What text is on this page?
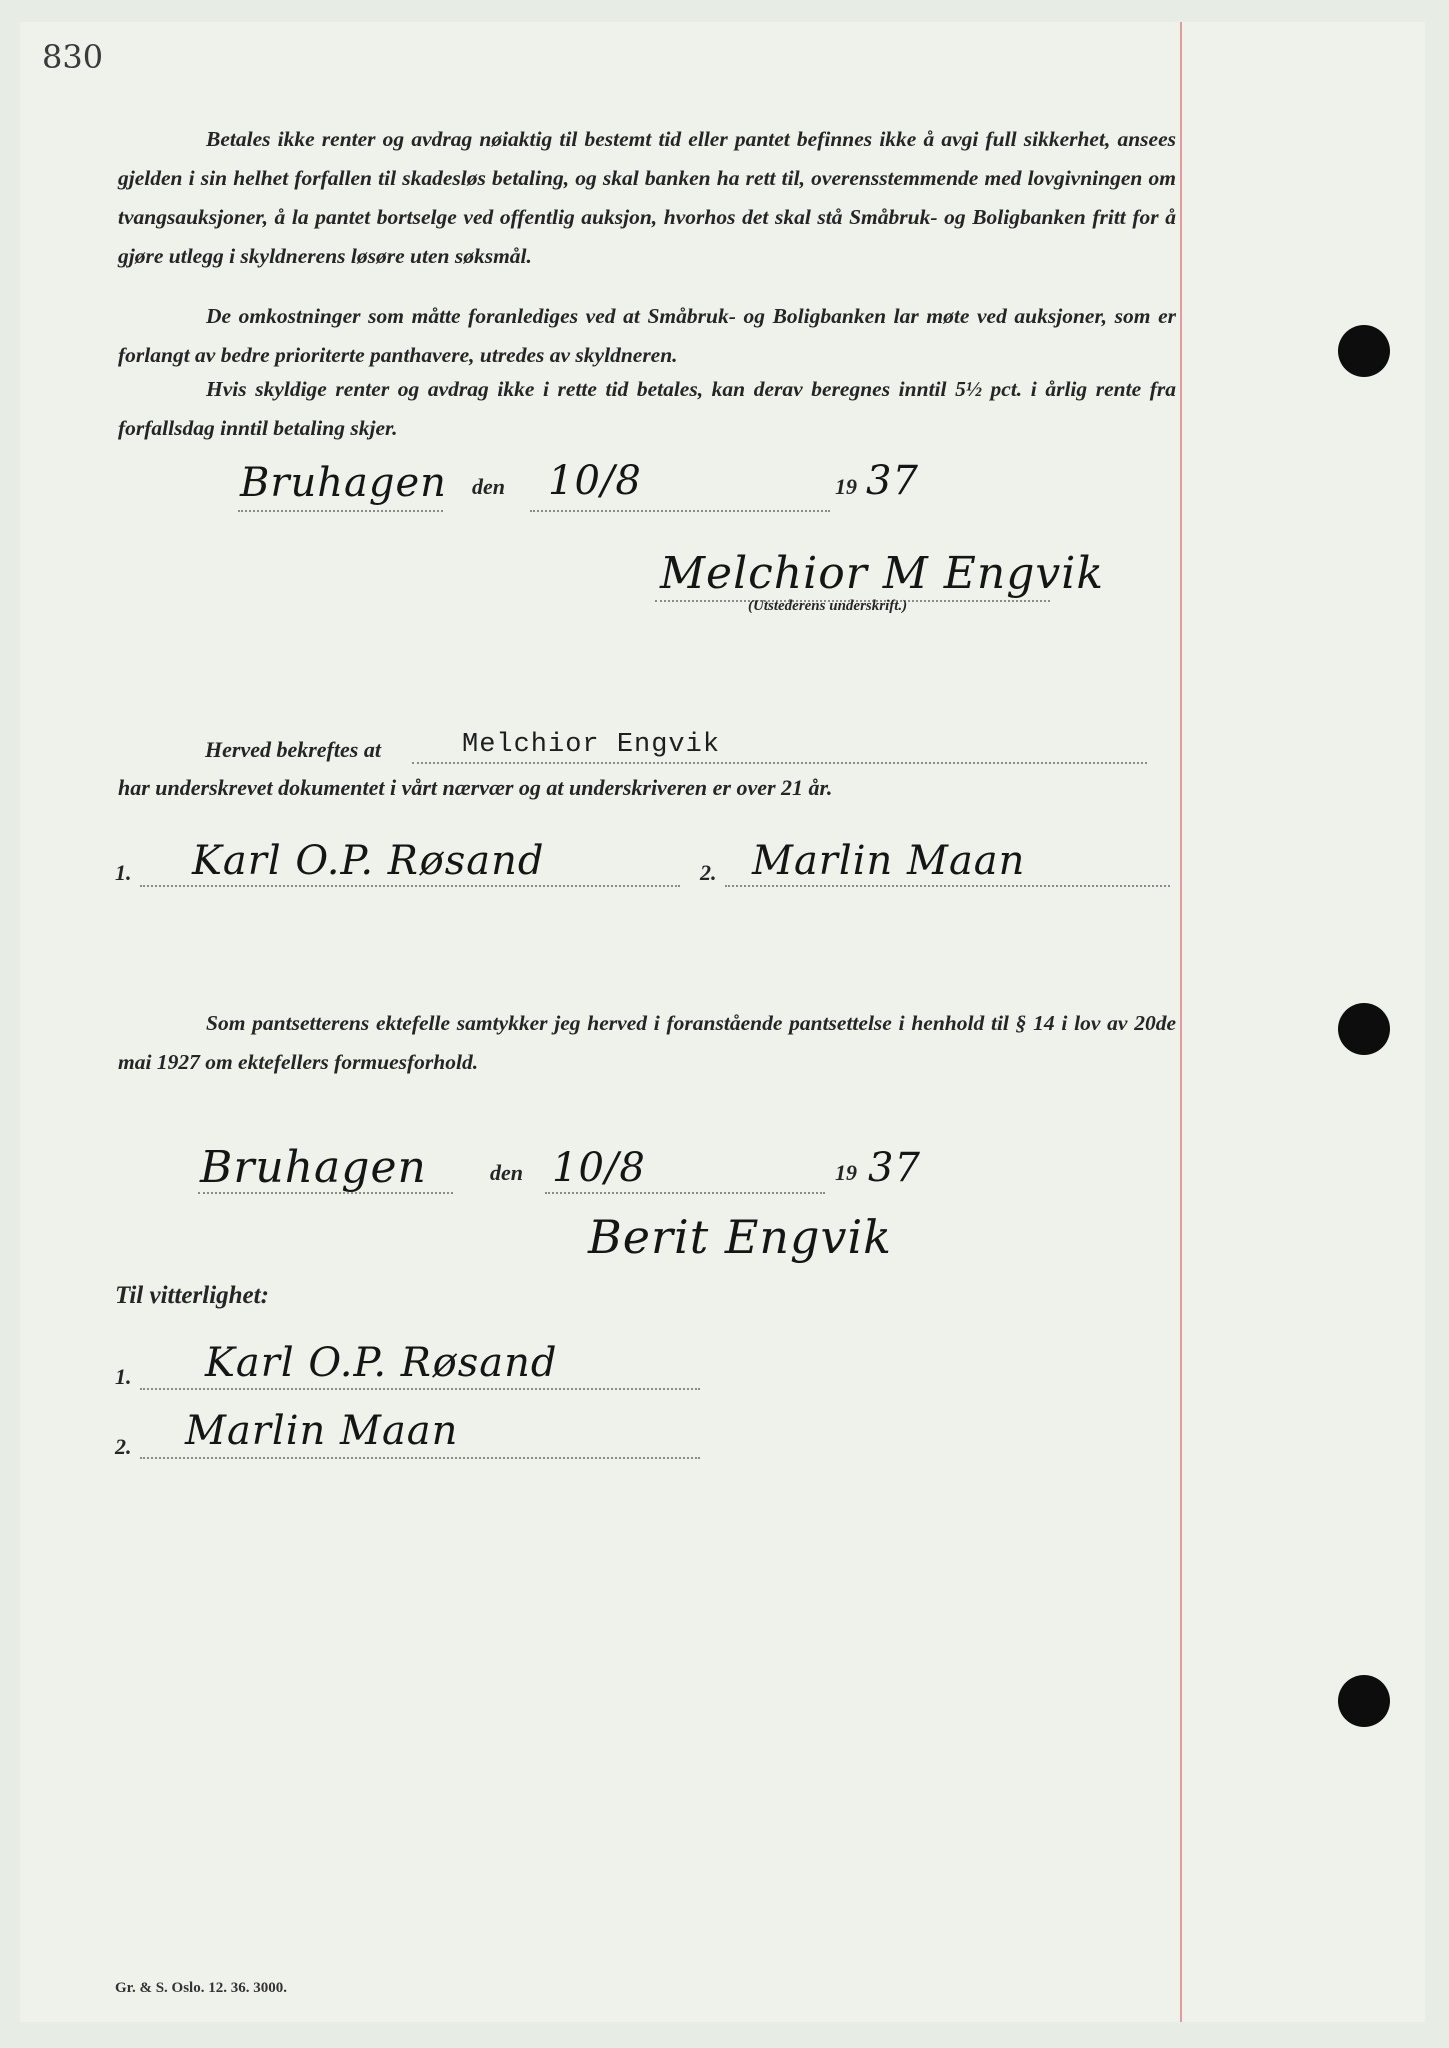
830

Betales ikke renter og avdrag nøiaktig til bestemt tid eller pantet befinnes ikke å avgi full sikkerhet, ansees gjelden i sin helhet forfallen til skadesløs betaling, og skal banken ha rett til, overensstemmende med lovgivningen om tvangsauksjoner, å la pantet bortselge ved offentlig auksjon, hvorhos det skal stå Småbruk- og Boligbanken fritt for å gjøre utlegg i skyldnerens løsøre uten søksmål.

De omkostninger som måtte foranlediges ved at Småbruk- og Boligbanken lar møte ved auksjoner, som er forlangt av bedre prioriterte panthavere, utredes av skyldneren.

Hvis skyldige renter og avdrag ikke i rette tid betales, kan derav beregnes inntil 5½ pct. i årlig rente fra forfallsdag inntil betaling skjer.

Bruhagen den 10/8	19 37
Melchior M Engvik
(Utstederens underskrift.)
Herved bekreftes at	Melchior Engvik
har underskrevet dokumentet i vårt nærvær og at underskriveren er over 21 år.
1. Karl O.P. Røsand	2. Marlin Maan

Som pantsetterens ektefelle samtykker jeg herved i foranstående pantsettelse i henhold til § 14 i lov av 20de mai 1927 om ektefellers formuesforhold.

Bruhagen	den 10/8	19 37
Berit Engvik
Til vitterlighet:
1. Karl O.P. Røsand
2. Marlin Maan
Gr. & S. Oslo. 12. 36. 3000.
